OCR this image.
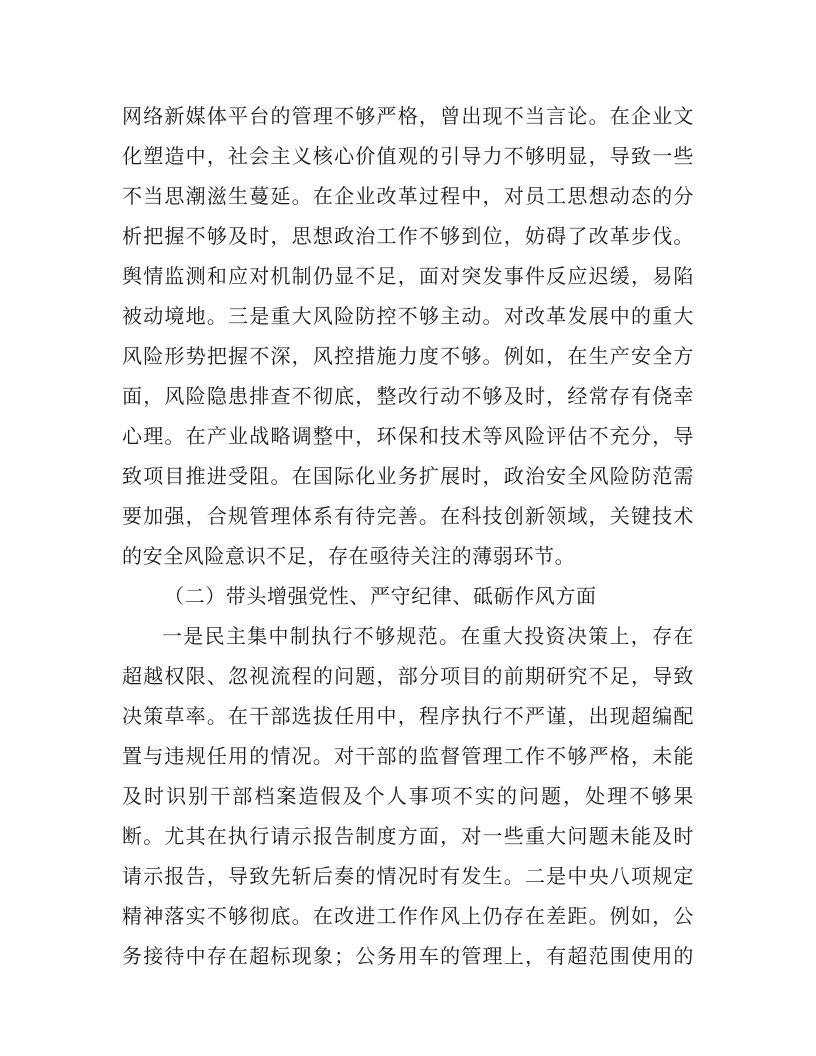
网络新媒体平台的管理不够严格，曾出现不当言论。在企业文
化塑造中，社会主义核心价值观的引导力不够明显，导致一些
不当思潮滋生蔓延。在企业改革过程中，对员工思想动态的分
析把握不够及时，思想政治工作不够到位，妨碍了改革步伐。
舆情监测和应对机制仍显不足，面对突发事件反应迟缓，易陷
被动境地。三是重大风险防控不够主动。对改革发展中的重大
风险形势把握不深，风控措施力度不够。例如，在生产安全方
面，风险隐患排查不彻底，整改行动不够及时，经常存有侥幸
心理。在产业战略调整中，环保和技术等风险评估不充分，导
致项目推进受阻。在国际化业务扩展时，政治安全风险防范需
要加强，合规管理体系有待完善。在科技创新领域，关键技术
的安全风险意识不足，存在亟待关注的薄弱环节。
（二）带头增强党性、严守纪律、砥砺作风方面
一是民主集中制执行不够规范。在重大投资决策上，存在
超越权限、忽视流程的问题，部分项目的前期研究不足，导致
决策草率。在干部选拔任用中，程序执行不严谨，出现超编配
置与违规任用的情况。对干部的监督管理工作不够严格，未能
及时识别干部档案造假及个人事项不实的问题，处理不够果
断。尤其在执行请示报告制度方面，对一些重大问题未能及时
请示报告，导致先斩后奏的情况时有发生。二是中央八项规定
精神落实不够彻底。在改进工作作风上仍存在差距。例如，公
务接待中存在超标现象；公务用车的管理上，有超范围使用的
